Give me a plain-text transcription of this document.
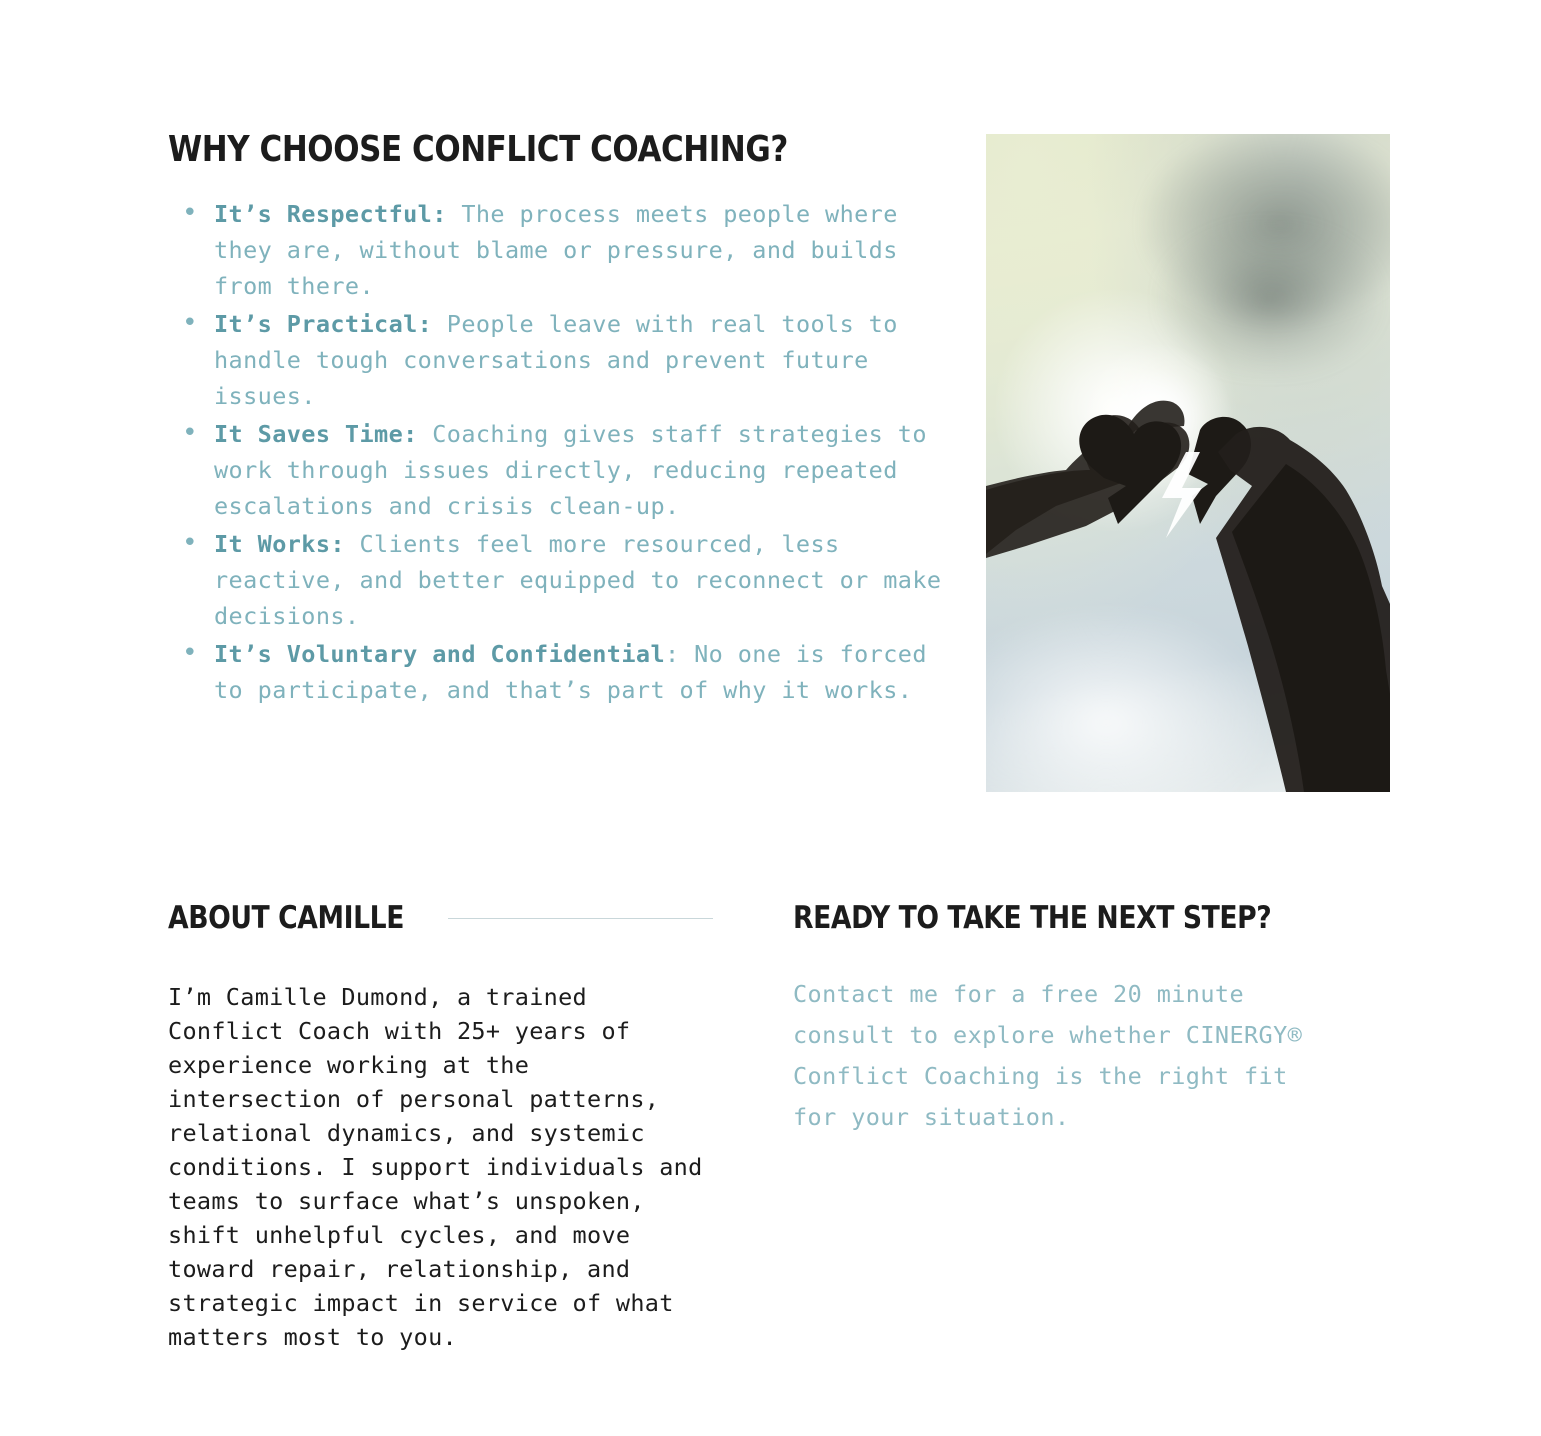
WHY CHOOSE CONFLICT COACHING?
• It’s Respectful: The process meets people where they are, without blame or pressure, and builds from there.
• It’s Practical: People leave with real tools to handle tough conversations and prevent future issues.
• It Saves Time: Coaching gives staff strategies to work through issues directly, reducing repeated escalations and crisis clean-up.
• It Works: Clients feel more resourced, less reactive, and better equipped to reconnect or make decisions.
• It’s Voluntary and Confidential: No one is forced to participate, and that’s part of why it works.
ABOUT CAMILLE

I’m Camille Dumond, a trained Conflict Coach with 25+ years of experience working at the intersection of personal patterns, relational dynamics, and systemic conditions. I support individuals and teams to surface what’s unspoken, shift unhelpful cycles, and move toward repair, relationship, and strategic impact in service of what matters most to you.

READY TO TAKE THE NEXT STEP?

Contact me for a free 20 minute consult to explore whether CINERGY® Conflict Coaching is the right fit for your situation.
